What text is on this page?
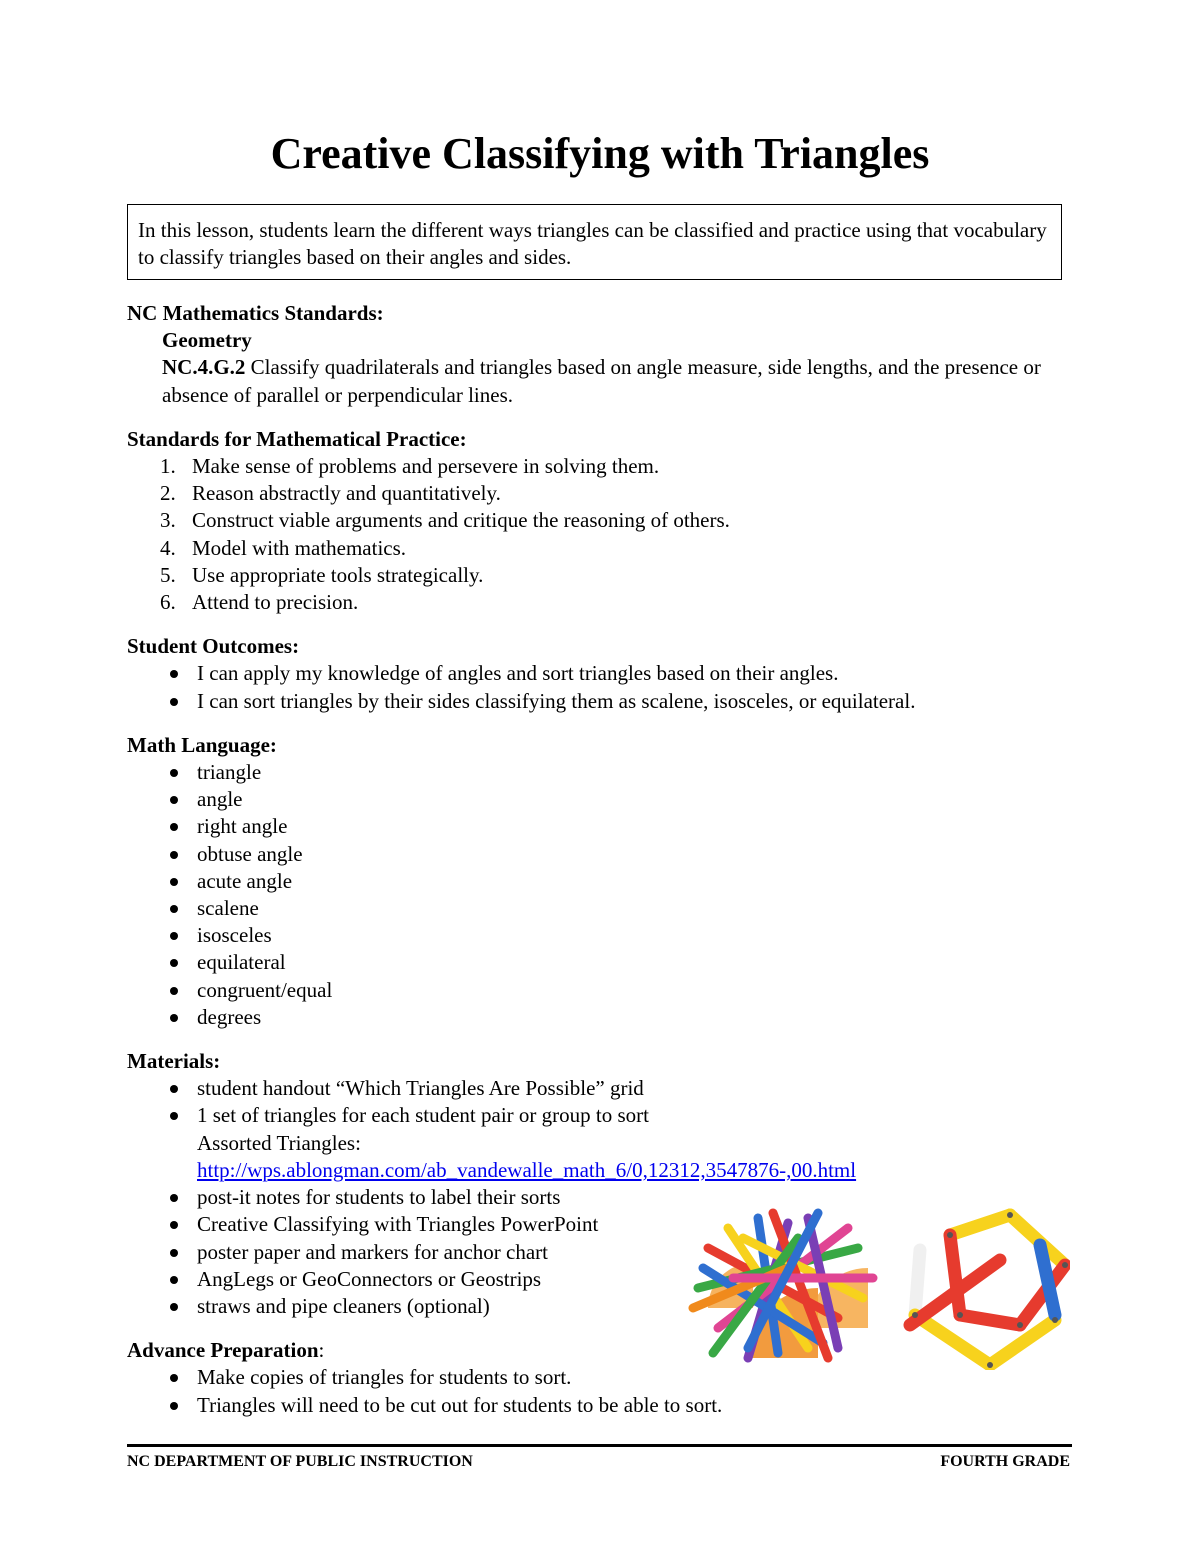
Creative Classifying with Triangles
In this lesson, students learn the different ways triangles can be classified and practice using that vocabulary to classify triangles based on their angles and sides.
NC Mathematics Standards:
Geometry
NC.4.G.2 Classify quadrilaterals and triangles based on angle measure, side lengths, and the presence or absence of parallel or perpendicular lines.
Standards for Mathematical Practice:
1. Make sense of problems and persevere in solving them.
2. Reason abstractly and quantitatively.
3. Construct viable arguments and critique the reasoning of others.
4. Model with mathematics.
5. Use appropriate tools strategically.
6. Attend to precision.
Student Outcomes:
I can apply my knowledge of angles and sort triangles based on their angles.
I can sort triangles by their sides classifying them as scalene, isosceles, or equilateral.
Math Language:
triangle
angle
right angle
obtuse angle
acute angle
scalene
isosceles
equilateral
congruent/equal
degrees
Materials:
student handout “Which Triangles Are Possible” grid
1 set of triangles for each student pair or group to sort
Assorted Triangles:
http://wps.ablongman.com/ab_vandewalle_math_6/0,12312,3547876-,00.html
post-it notes for students to label their sorts
Creative Classifying with Triangles PowerPoint
poster paper and markers for anchor chart
AngLegs or GeoConnectors or Geostrips
straws and pipe cleaners (optional)
Advance Preparation:
Make copies of triangles for students to sort.
Triangles will need to be cut out for students to be able to sort.
NC DEPARTMENT OF PUBLIC INSTRUCTION	FOURTH GRADE
